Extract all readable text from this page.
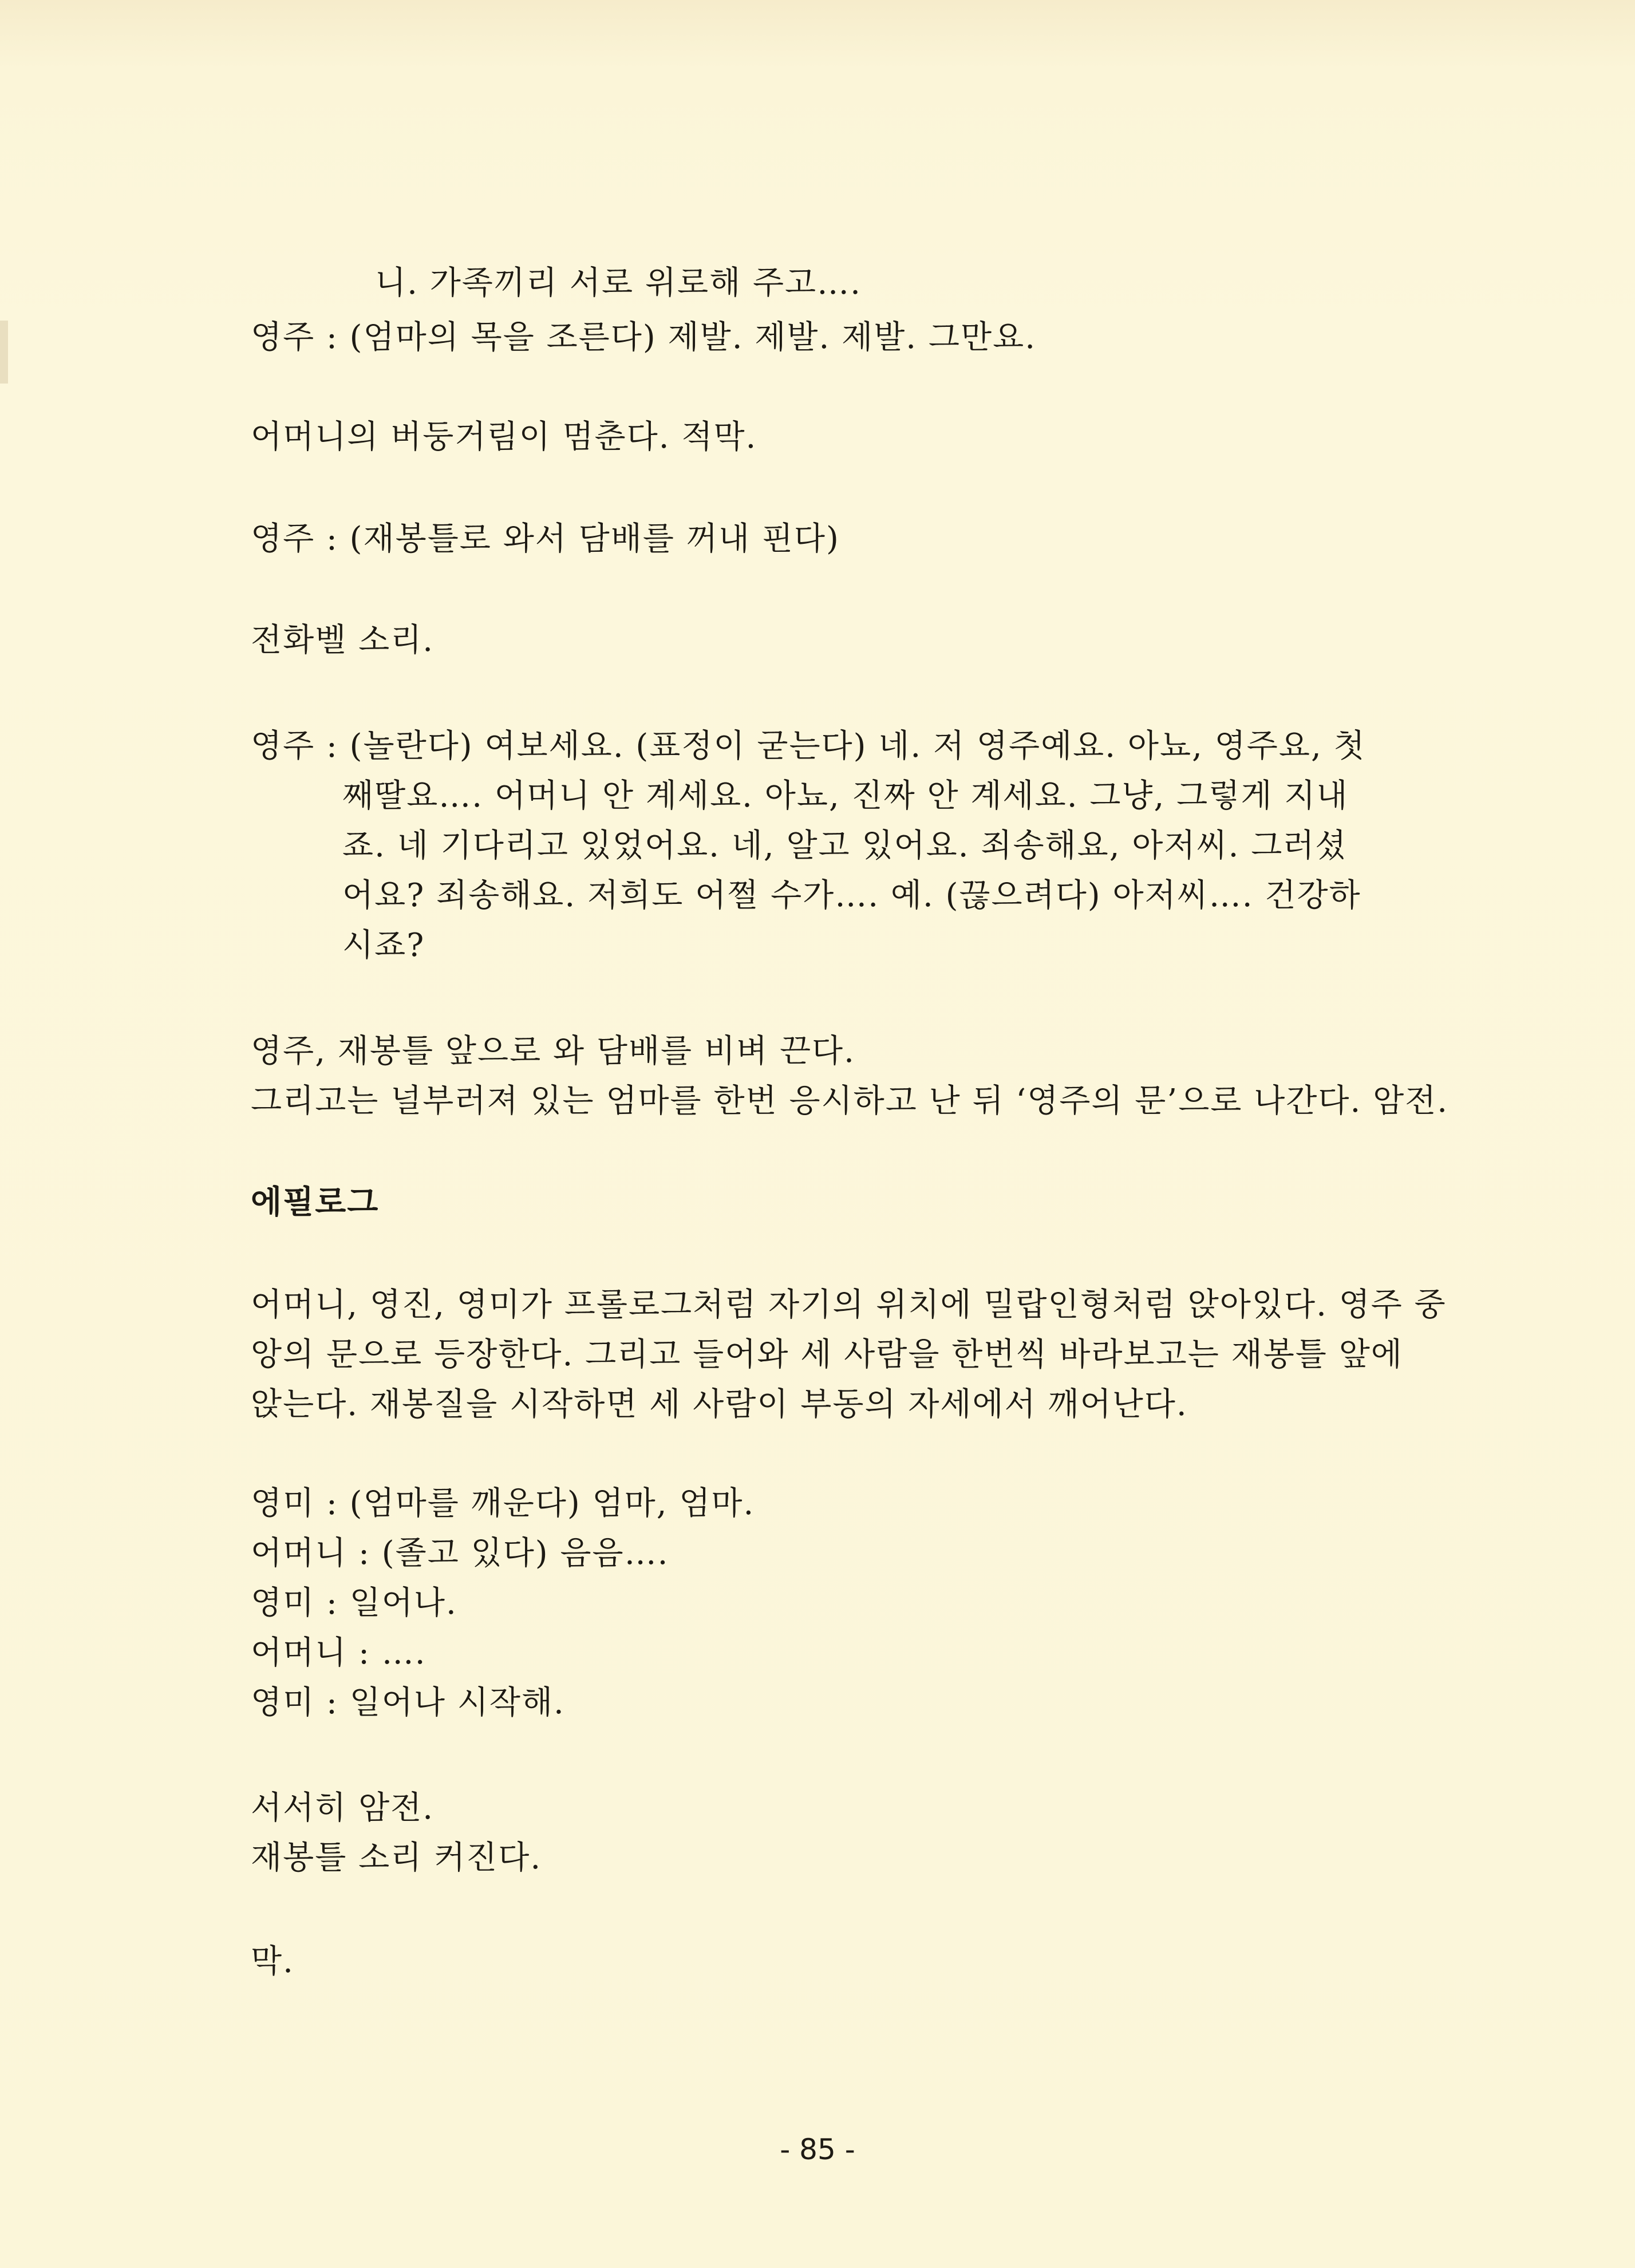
니. 가족끼리 서로 위로해 주고….
영주 : (엄마의 목을 조른다) 제발. 제발. 제발. 그만요.
어머니의 버둥거림이 멈춘다. 적막.
영주 : (재봉틀로 와서 담배를 꺼내 핀다)
전화벨 소리.
영주 : (놀란다) 여보세요. (표정이 굳는다) 네. 저 영주예요. 아뇨, 영주요, 첫
째딸요…. 어머니 안 계세요. 아뇨, 진짜 안 계세요. 그냥, 그렇게 지내
죠. 네 기다리고 있었어요. 네, 알고 있어요. 죄송해요, 아저씨. 그러셨
어요? 죄송해요. 저희도 어쩔 수가…. 예. (끊으려다) 아저씨…. 건강하
시죠?
영주, 재봉틀 앞으로 와 담배를 비벼 끈다.
그리고는 널부러져 있는 엄마를 한번 응시하고 난 뒤 ‘영주의 문’으로 나간다. 암전.
에필로그
어머니, 영진, 영미가 프롤로그처럼 자기의 위치에 밀랍인형처럼 앉아있다. 영주 중
앙의 문으로 등장한다. 그리고 들어와 세 사람을 한번씩 바라보고는 재봉틀 앞에
앉는다. 재봉질을 시작하면 세 사람이 부동의 자세에서 깨어난다.
영미 : (엄마를 깨운다) 엄마, 엄마.
어머니 : (졸고 있다) 음음….
영미 : 일어나.
어머니 : ….
영미 : 일어나 시작해.
서서히 암전.
재봉틀 소리 커진다.
막.
- 85 -
